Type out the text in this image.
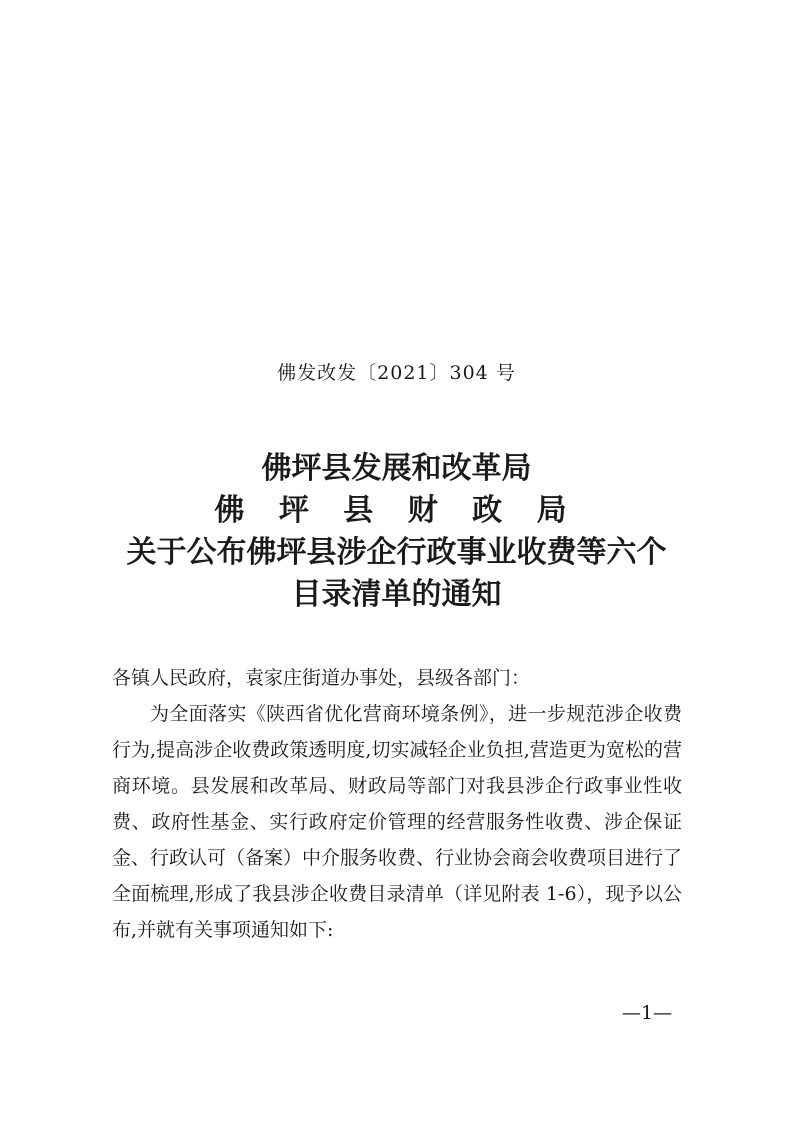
佛发改发〔2021〕304 号
佛坪县发展和改革局
佛 坪 县 财 政 局
关于公布佛坪县涉企行政事业收费等六个
目录清单的通知
各镇人民政府，袁家庄街道办事处，县级各部门：

为全面落实《陕西省优化营商环境条例》，进一步规范涉企收费行为,提高涉企收费政策透明度,切实减轻企业负担,营造更为宽松的营商环境。县发展和改革局、财政局等部门对我县涉企行政事业性收费、政府性基金、实行政府定价管理的经营服务性收费、涉企保证金、行政认可（备案）中介服务收费、行业协会商会收费项目进行了全面梳理,形成了我县涉企收费目录清单（详见附表 1-6），现予以公布,并就有关事项通知如下:

—1—
